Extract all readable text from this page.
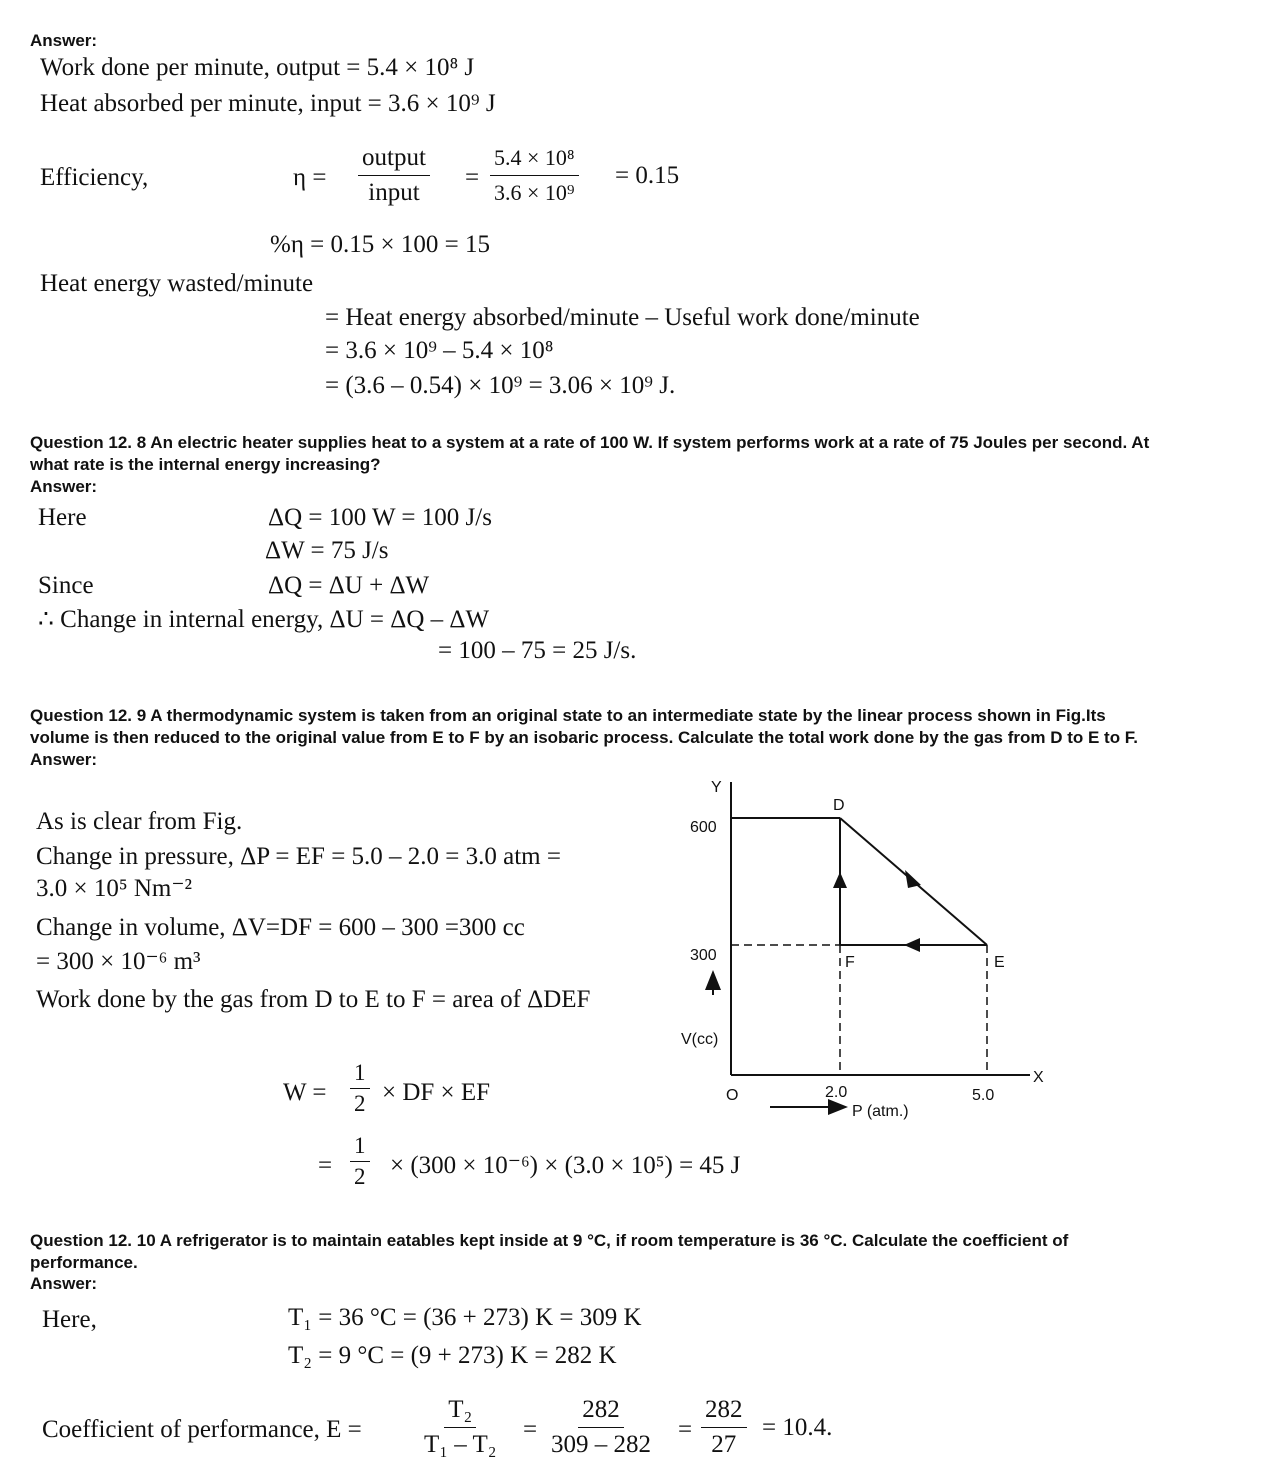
Answer:
Work done per minute, output = 5.4 × 10⁸ J
Heat absorbed per minute, input = 3.6 × 10⁹ J
Efficiency,	η =
output
input
= $\frac{\text{5.4 × 10⁸}}{\text{3.6 × 10⁹}} = 0.15$
%η = 0.15 × 100 = 15
Heat energy wasted/minute
= Heat energy absorbed/minute – Useful work done/minute
= 3.6 × 10⁹ – 5.4 × 10⁸
= (3.6 – 0.54) × 10⁹ = 3.06 × 10⁹ J.
Question 12. 8 An electric heater supplies heat to a system at a rate of 100 W. If system performs work at a rate of 75 Joules per second. At
what rate is the internal energy increasing?
Answer:
Here	ΔQ = 100 W = 100 J/s
ΔW = 75 J/s
Since	ΔQ = ΔU + ΔW
∴ Change in internal energy, ΔU = ΔQ – ΔW
= 100 – 75 = 25 J/s.
Question 12. 9 A thermodynamic system is taken from an original state to an intermediate state by the linear process shown in Fig.Its
volume is then reduced to the original value from E to F by an isobaric process. Calculate the total work done by the gas from D to E to F.
Answer:
As is clear from Fig.
Change in pressure, ΔP = EF = 5.0 – 2.0 = 3.0 atm =
3.0 × 10⁵ Nm⁻²
Change in volume, ΔV=DF = 600 – 300 =300 cc
= 300 × 10⁻⁶ m³
Work done by the gas from D to E to F = area of ΔDEF
$W = \frac{1}{2}$ × DF × EF
= $\frac{1}{2} \times (300 \times 10^{-6}) \times (3.0 \times 10^5) = 45$ J
Y
X
O
600
300
2.0	5.0
V(cc)
P (atm.)
D
F	E
Question 12. 10 A refrigerator is to maintain eatables kept inside at 9 °C, if room temperature is 36 °C. Calculate the coefficient of
performance.
Answer:
Here,	T₁ = 36 °C = (36 + 273) K = 309 K
T₂ = 9 °C = (9 + 273) K = 282 K
Coefficient of performance, $E = \frac{\text{T₂}}{\text{T₁ – T₂}} = \frac{282}{309 - 282} = \frac{282}{27} = 10.4$.
